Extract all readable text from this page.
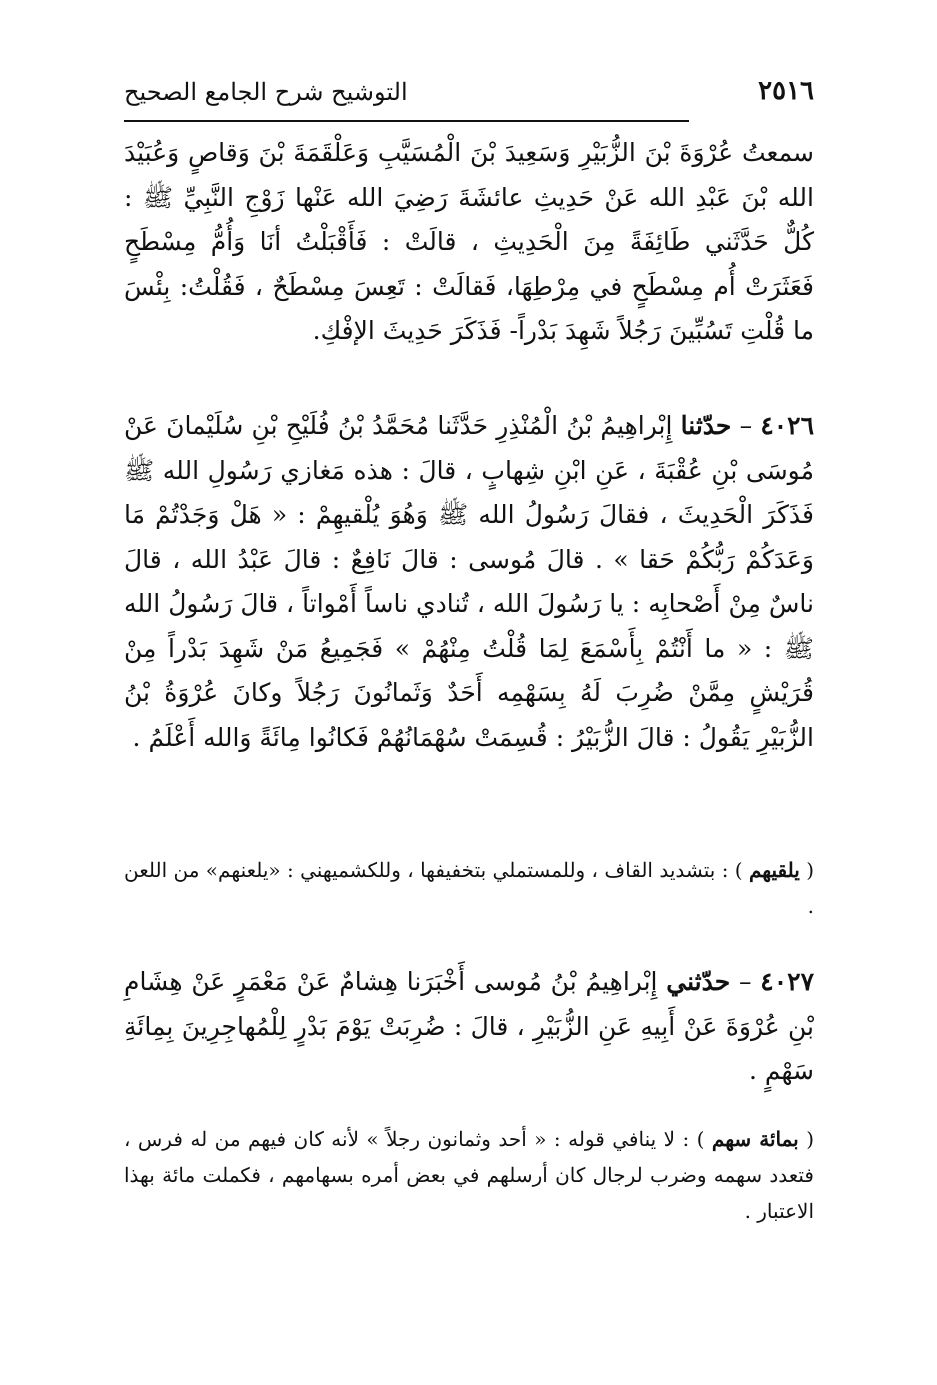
٢٥١٦
التوشيح شرح الجامع الصحيح
سمعتُ عُرْوَةَ بْنَ الزُّبَيْرِ وَسَعِيدَ بْنَ الْمُسَيَّبِ وَعَلْقَمَةَ بْنَ وَقاصٍ وَعُبَيْدَ الله بْنَ عَبْدِ الله عَنْ حَدِيثِ عائشَةَ رَضِيَ الله عَنْها زَوْجِ النَّبِيِّ ﷺ : كُلٌّ حَدَّثَني طَائِفَةً مِنَ الْحَدِيثِ ، قالَتْ : فَأَقْبَلْتُ أنَا وَأُمُّ مِسْطَحٍ فَعَثَرَتْ أُم مِسْطَحٍ في مِرْطِهَا، فَقالَتْ : تَعِسَ مِسْطَحٌ ، فَقُلْتُ: بِئْسَ ما قُلْتِ تَسُبِّينَ رَجُلاً شَهِدَ بَدْراً- فَذَكَرَ حَدِيثَ الإفْكِ.
٤٠٢٦ – حدّثنا إِبْراهِيمُ بْنُ الْمُنْذِرِ حَدَّثَنا مُحَمَّدُ بْنُ فُلَيْحِ بْنِ سُلَيْمانَ عَنْ مُوسَى بْنِ عُقْبَةَ ، عَنِ ابْنِ شِهابٍ ، قالَ : هذه مَغازي رَسُولِ الله ﷺ فَذَكَرَ الْحَدِيثَ ، فقالَ رَسُولُ الله ﷺ وَهُوَ يُلْقيهِمْ : « هَلْ وَجَدْتُمْ مَا وَعَدَكُمْ رَبُّكُمْ حَقا » . قالَ مُوسى : قالَ نَافِعٌ : قالَ عَبْدُ الله ، قالَ ناسٌ مِنْ أَصْحابِه : يا رَسُولَ الله ، تُنادي ناساً أَمْواتاً ، قالَ رَسُولُ الله ﷺ : « ما أَنْتُمْ بِأَسْمَعَ لِمَا قُلْتُ مِنْهُمْ » فَجَمِيعُ مَنْ شَهِدَ بَدْراً مِنْ قُرَيْشٍ مِمَّنْ ضُرِبَ لَهُ بِسَهْمِه أَحَدٌ وَثَمانُونَ رَجُلاً وكانَ عُرْوَةُ بْنُ الزُّبَيْرِ يَقُولُ : قالَ الزُّبَيْرُ : قُسِمَتْ سُهْمَانُهُمْ فَكانُوا مِائَةً وَالله أَعْلَمُ .
( يلقيهم ) : بتشديد القاف ، وللمستملي بتخفيفها ، وللكشميهني : «يلعنهم» من اللعن .
٤٠٢٧ – حدّثني إِبْراهِيمُ بْنُ مُوسى أَخْبَرَنا هِشامٌ عَنْ مَعْمَرٍ عَنْ هِشَامِ بْنِ عُرْوَةَ عَنْ أَبِيهِ عَنِ الزُّبَيْرِ ، قالَ : ضُرِبَتْ يَوْمَ بَدْرٍ لِلْمُهاجِرِينَ بِمِائَةِ سَهْمٍ .
( بمائة سهم ) : لا ينافي قوله : « أحد وثمانون رجلاً » لأنه كان فيهم من له فرس ، فتعدد سهمه وضرب لرجال كان أرسلهم في بعض أمره بسهامهم ، فكملت مائة بهذا الاعتبار .
